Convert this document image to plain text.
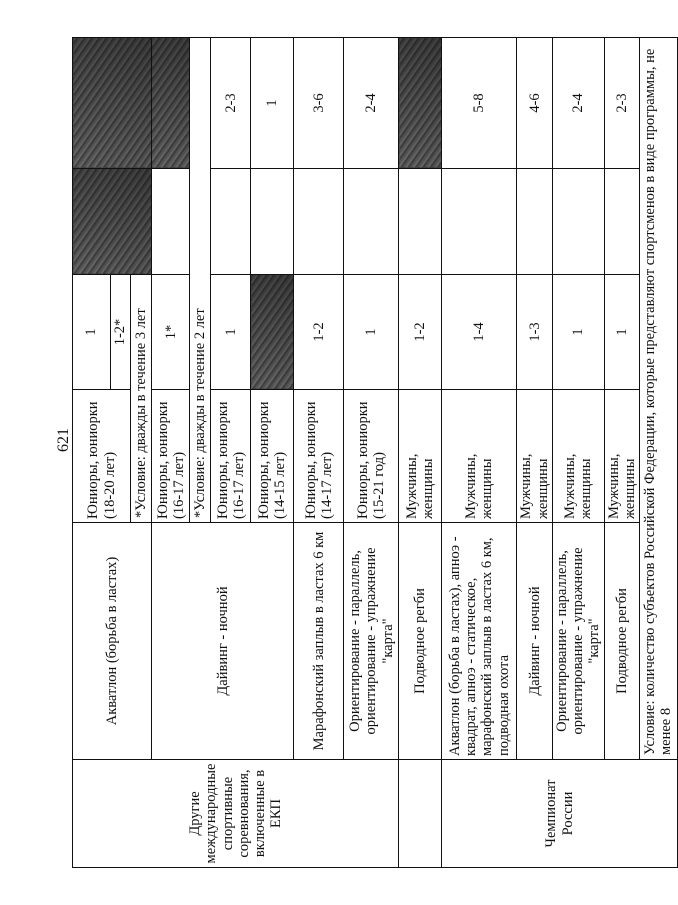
621
Другие международные спортивные соревнования, включенные в ЕКП	Акватлон (борьба в ластах)	Юниоры, юниорки (18-20 лет)	1		
			1-2*		
		*Условие: дважды в течение 3 лет			
	Дайвинг - ночной	Юниоры, юниорки (16-17 лет)	1*		
		*Условие: дважды в течение 2 лет			
		Юниоры, юниорки (16-17 лет)	1		2-3
		Юниоры, юниорки (14-15 лет)			1
	Марафонский заплыв в ластах 6 км	Юниоры, юниорки (14-17 лет)	1-2		3-6
	Ориентирование - параллель, ориентирование - упражнение "карта"	Юниоры, юниорки (15-21 год)	1		2-4
	Подводное регби	Мужчины, женщины	1-2		
Чемпионат России	Акватлон (борьба в ластах), апноэ - квадрат, апноэ - статическое, марафонский заплыв в ластах 6 км, подводная охота	Мужчины, женщины	1-4		5-8
	Дайвинг - ночной	Мужчины, женщины	1-3		4-6
	Ориентирование - параллель, ориентирование - упражнение "карта"	Мужчины, женщины	1		2-4
	Подводное регби	Мужчины, женщины	1		2-3
	Условие: количество субъектов Российской Федерации, которые представляют спортсменов в виде программы, не менее 8				
